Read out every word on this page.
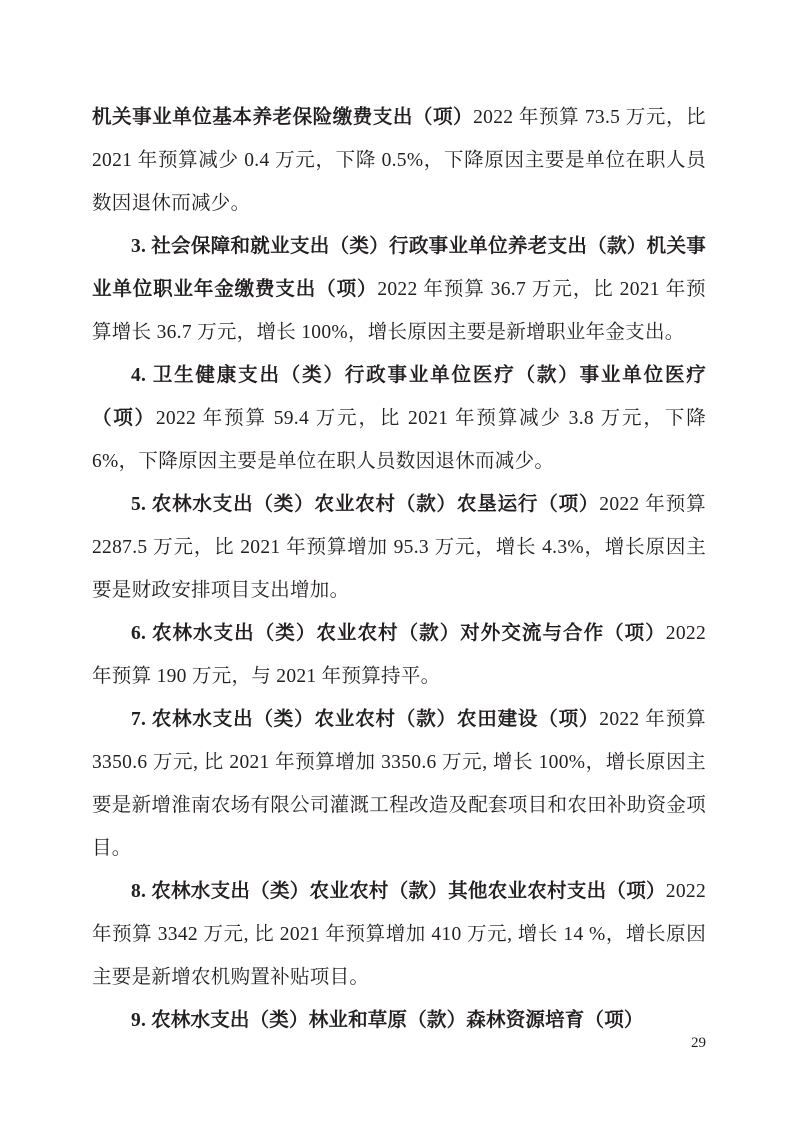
机关事业单位基本养老保险缴费支出（项）2022 年预算 73.5 万元，比 2021 年预算减少 0.4 万元，下降 0.5%，下降原因主要是单位在职人员数因退休而减少。

3. 社会保障和就业支出（类）行政事业单位养老支出（款）机关事业单位职业年金缴费支出（项）2022 年预算 36.7 万元，比 2021 年预算增长 36.7 万元，增长 100%，增长原因主要是新增职业年金支出。

4. 卫生健康支出（类）行政事业单位医疗（款）事业单位医疗（项）2022 年预算 59.4 万元，比 2021 年预算减少 3.8 万元，下降 6%，下降原因主要是单位在职人员数因退休而减少。

5. 农林水支出（类）农业农村（款）农垦运行（项）2022 年预算 2287.5 万元，比 2021 年预算增加 95.3 万元，增长 4.3%，增长原因主要是财政安排项目支出增加。

6. 农林水支出（类）农业农村（款）对外交流与合作（项）2022 年预算 190 万元，与 2021 年预算持平。

7. 农林水支出（类）农业农村（款）农田建设（项）2022 年预算 3350.6 万元, 比 2021 年预算增加 3350.6 万元, 增长 100%，增长原因主要是新增淮南农场有限公司灌溉工程改造及配套项目和农田补助资金项目。

8. 农林水支出（类）农业农村（款）其他农业农村支出（项）2022 年预算 3342 万元, 比 2021 年预算增加 410 万元, 增长 14 %，增长原因主要是新增农机购置补贴项目。

9. 农林水支出（类）林业和草原（款）森林资源培育（项）

29
